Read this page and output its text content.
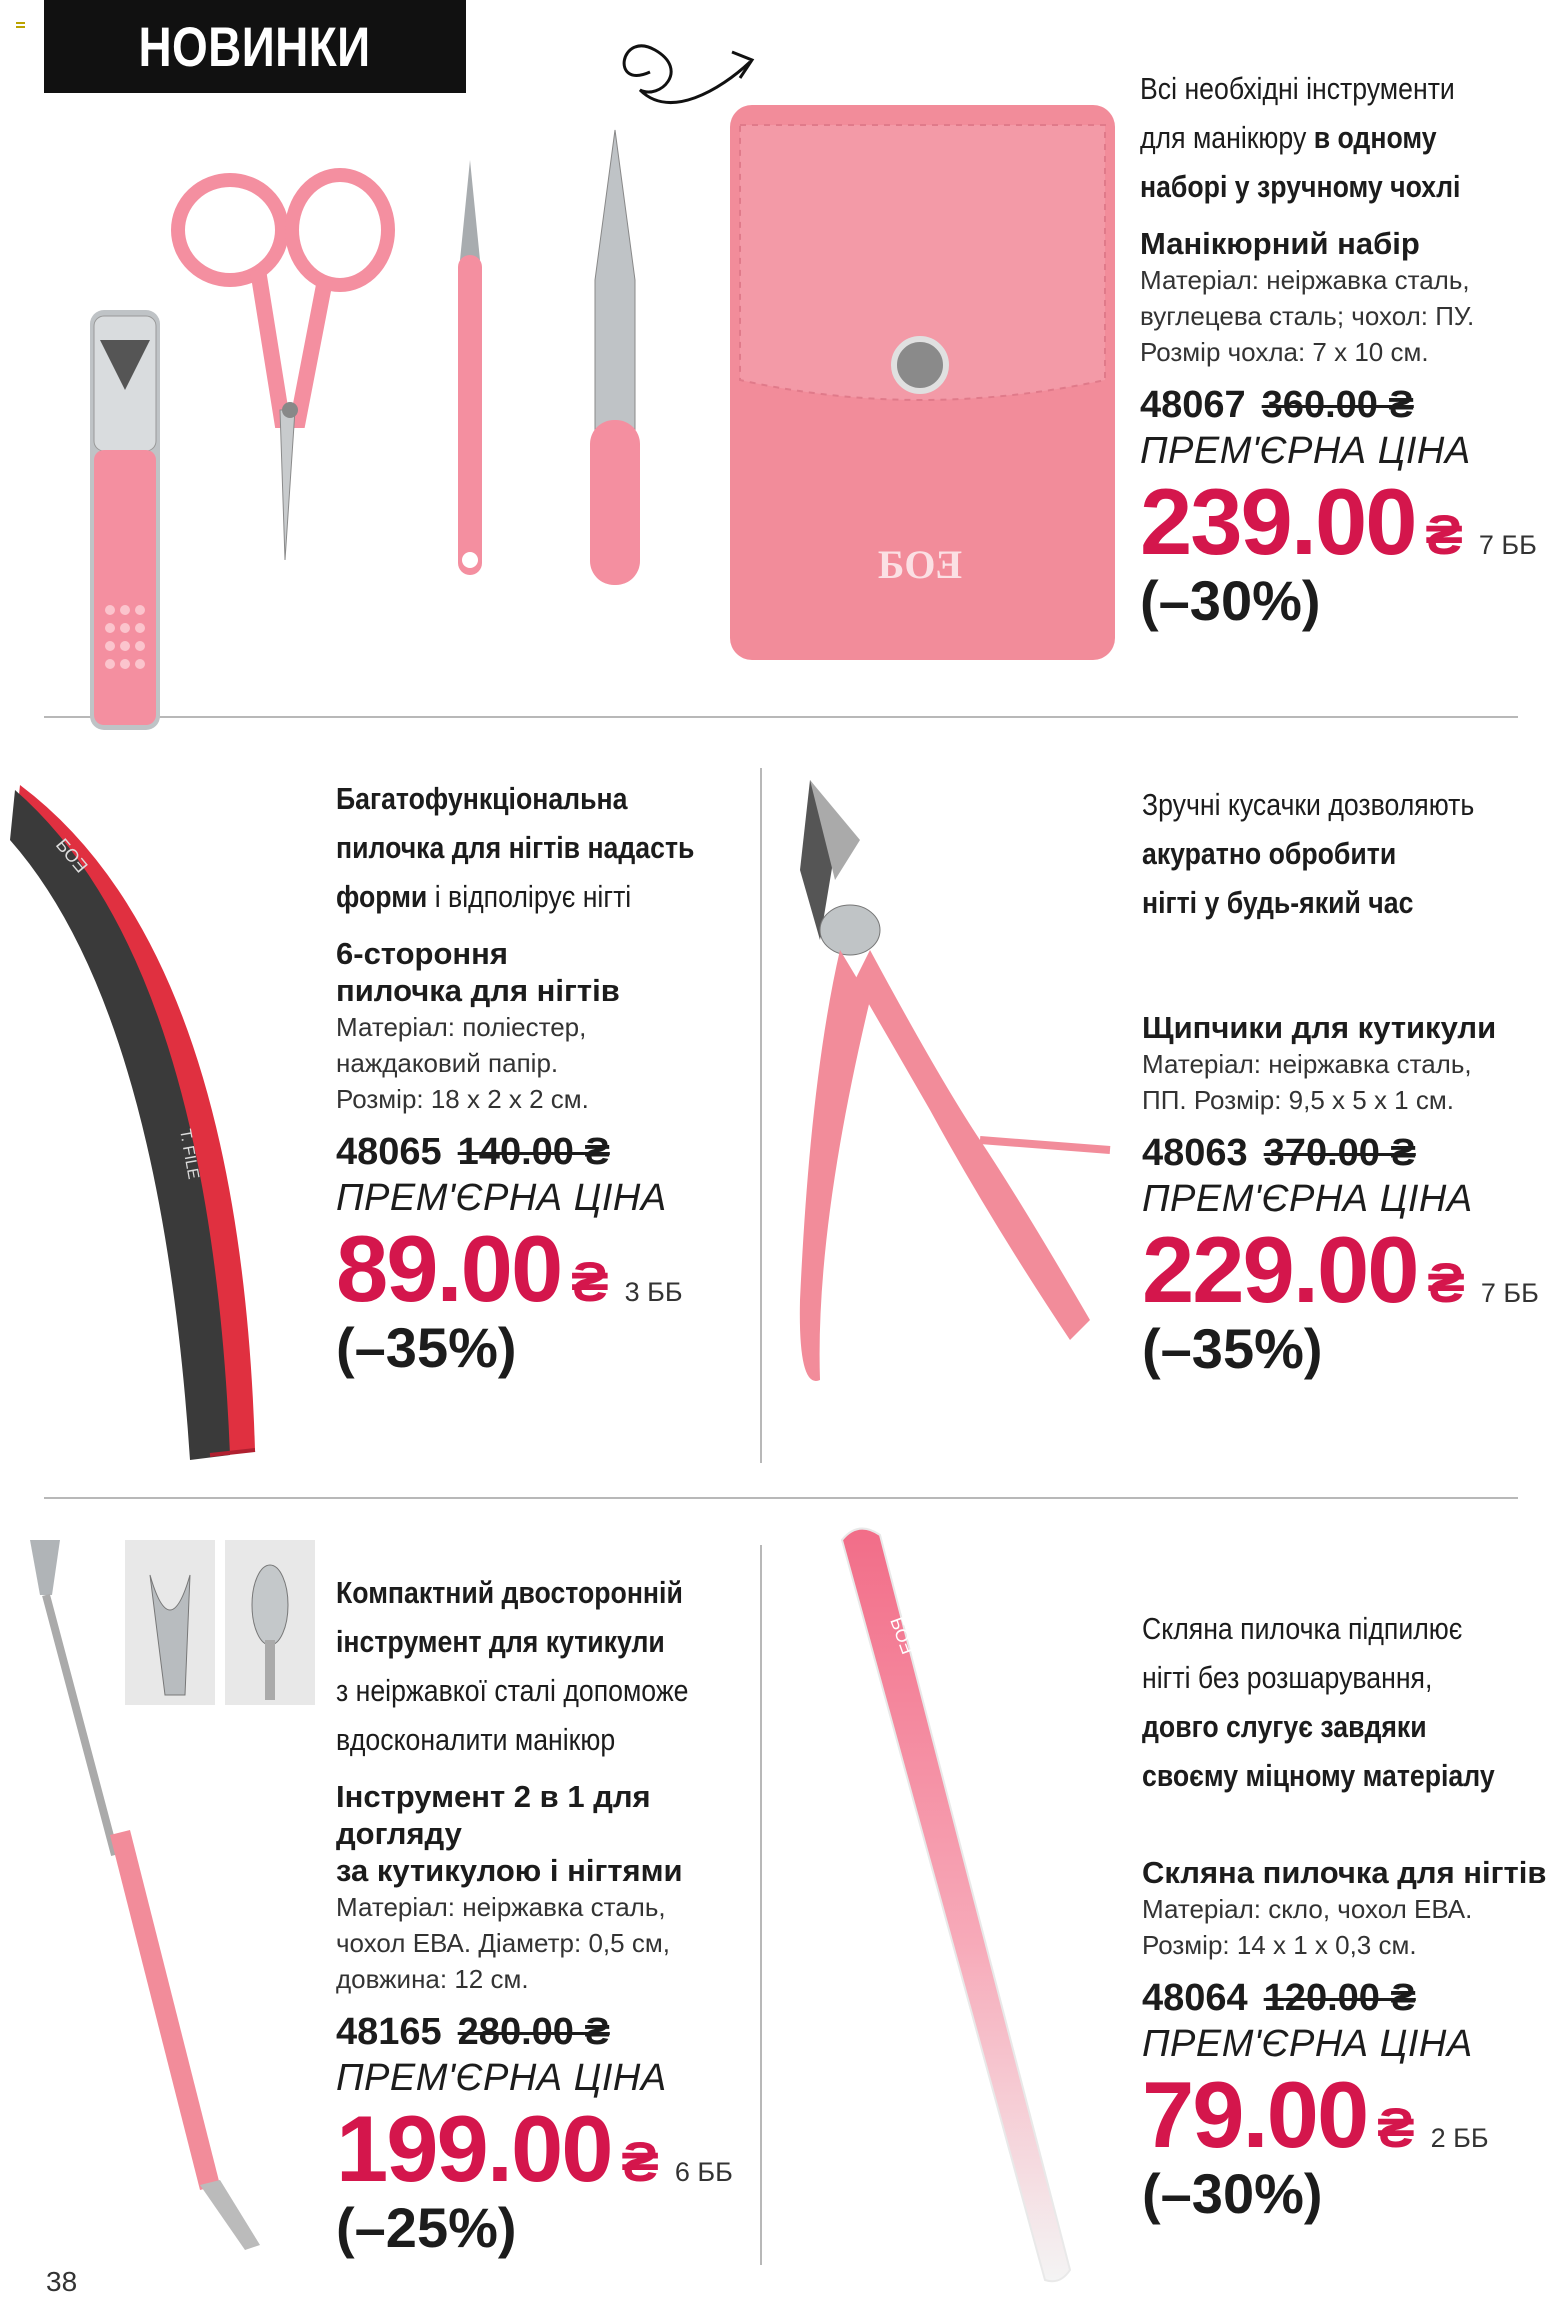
НОВИНКИ
ƂOƎ
Всі необхідні інструменти
для манікюру в одному
наборі у зручному чохлі
Манікюрний набір
Матеріал: неіржавка сталь,
вуглецева сталь; чохол: ПУ.
Розмір чохла: 7 х 10 см.
48067 360.00 ₴
ПРЕМ'ЄРНА ЦІНА
239.00 ₴ 7 ББ
(–30%)
ƂOƎ
T. FILE
Багатофункціональна
пилочка для нігтів надасть
форми і відполірує нігті
6-стороння
пилочка для нігтів
Матеріал: поліестер,
наждаковий папір.
Розмір: 18 х 2 х 2 см.
48065 140.00 ₴
ПРЕМ'ЄРНА ЦІНА
89.00 ₴ 3 ББ
(–35%)
Зручні кусачки дозволяють
акуратно обробити
нігті у будь-який час
Щипчики для кутикули
Матеріал: неіржавка сталь,
ПП. Розмір: 9,5 х 5 х 1 см.
48063 370.00 ₴
ПРЕМ'ЄРНА ЦІНА
229.00 ₴ 7 ББ
(–35%)
Компактний двосторонній
інструмент для кутикули
з неіржавкої сталі допоможе
вдосконалити манікюр
Інструмент 2 в 1 для догляду
за кутикулою і нігтями
Матеріал: неіржавка сталь,
чохол ЕВА. Діаметр: 0,5 см,
довжина: 12 см.
48165 280.00 ₴
ПРЕМ'ЄРНА ЦІНА
199.00 ₴ 6 ББ
(–25%)
ƂOƎ	Скляна пилочка підпилює
нігті без розшарування,
довго слугує завдяки
своєму міцному матеріалу
Скляна пилочка для нігтів
Матеріал: скло, чохол ЕВА.
Розмір: 14 х 1 х 0,3 см.
48064 120.00 ₴
ПРЕМ'ЄРНА ЦІНА
79.00 ₴ 2 ББ
(–30%)
38
